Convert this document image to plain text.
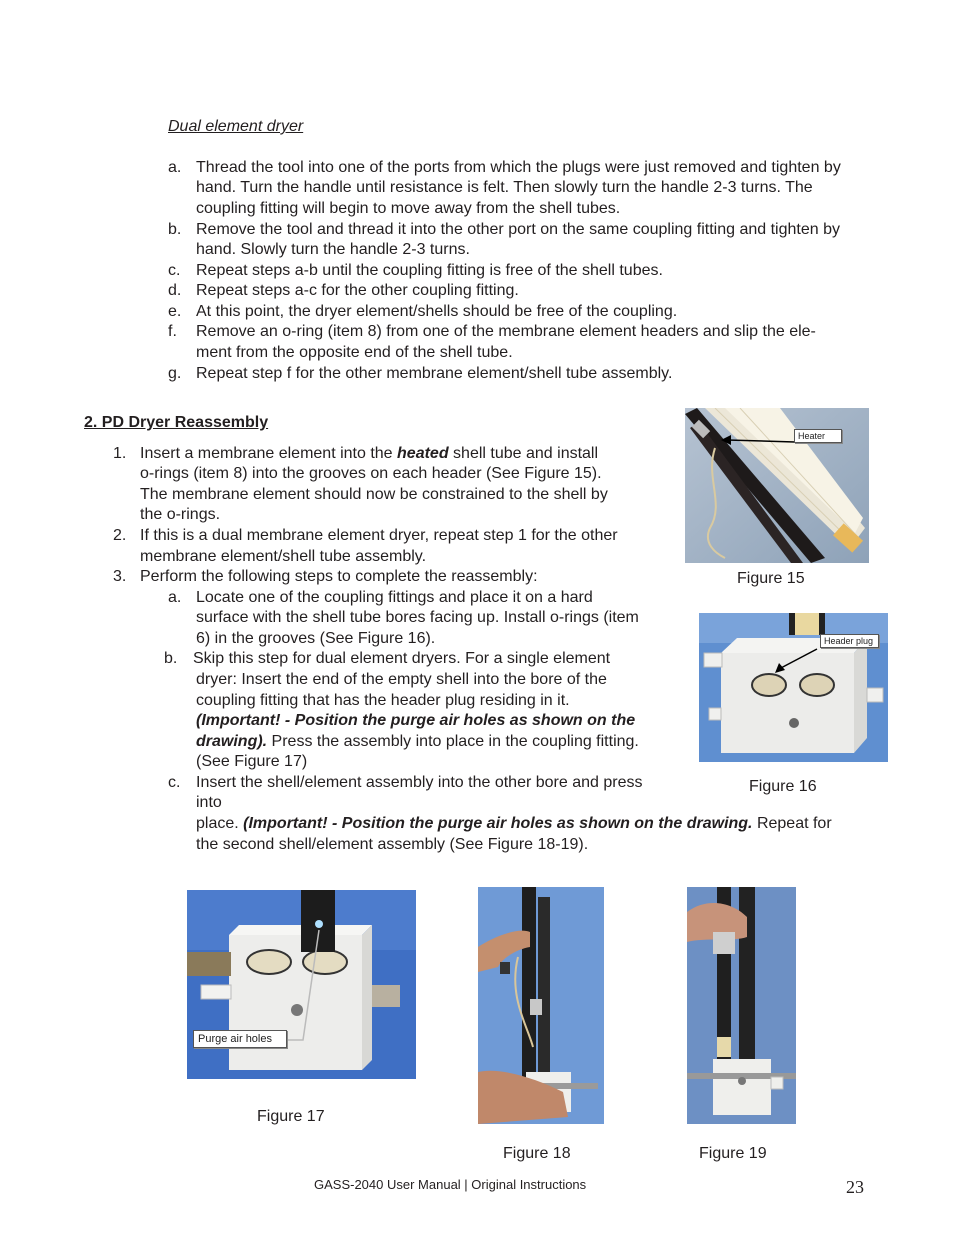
Dual element dryer
a. Thread the tool into one of the ports from which the plugs were just removed and tighten by
hand. Turn the handle until resistance is felt. Then slowly turn the handle 2-3 turns. The
coupling fitting will begin to move away from the shell tubes.
b. Remove the tool and thread it into the other port on the same coupling fitting and tighten by
hand. Slowly turn the handle 2-3 turns.
c. Repeat steps a-b until the coupling fitting is free of the shell tubes.
d. Repeat steps a-c for the other coupling fitting.
e. At this point, the dryer element/shells should be free of the coupling.
f. Remove an o-ring (item 8) from one of the membrane element headers and slip the ele-
ment from the opposite end of the shell tube.
g. Repeat step f for the other membrane element/shell tube assembly.
2. PD Dryer Reassembly
1. Insert a membrane element into the heated shell tube and install
o-rings (item 8) into the grooves on each header (See Figure 15).
The membrane element should now be constrained to the shell by
the o-rings.
2. If this is a dual membrane element dryer, repeat step 1 for the other
membrane element/shell tube assembly.
3. Perform the following steps to complete the reassembly:
a. Locate one of the coupling fittings and place it on a hard
surface with the shell tube bores facing up. Install o-rings (item
6) in the grooves (See Figure 16).
b. Skip this step for dual element dryers. For a single element
dryer: Insert the end of the empty shell into the bore of the
coupling fitting that has the header plug residing in it.
(Important! - Position the purge air holes as shown on the
drawing). Press the assembly into place in the coupling fitting.
(See Figure 17)
c. Insert the shell/element assembly into the other bore and press
into
place. (Important! - Position the purge air holes as shown on the drawing. Repeat for
the second shell/element assembly (See Figure 18-19).
Heater
Figure 15
Header plug
Figure 16
Purge air holes
Figure 17
Figure 18	Figure 19
GASS-2040 User Manual | Original Instructions	23
